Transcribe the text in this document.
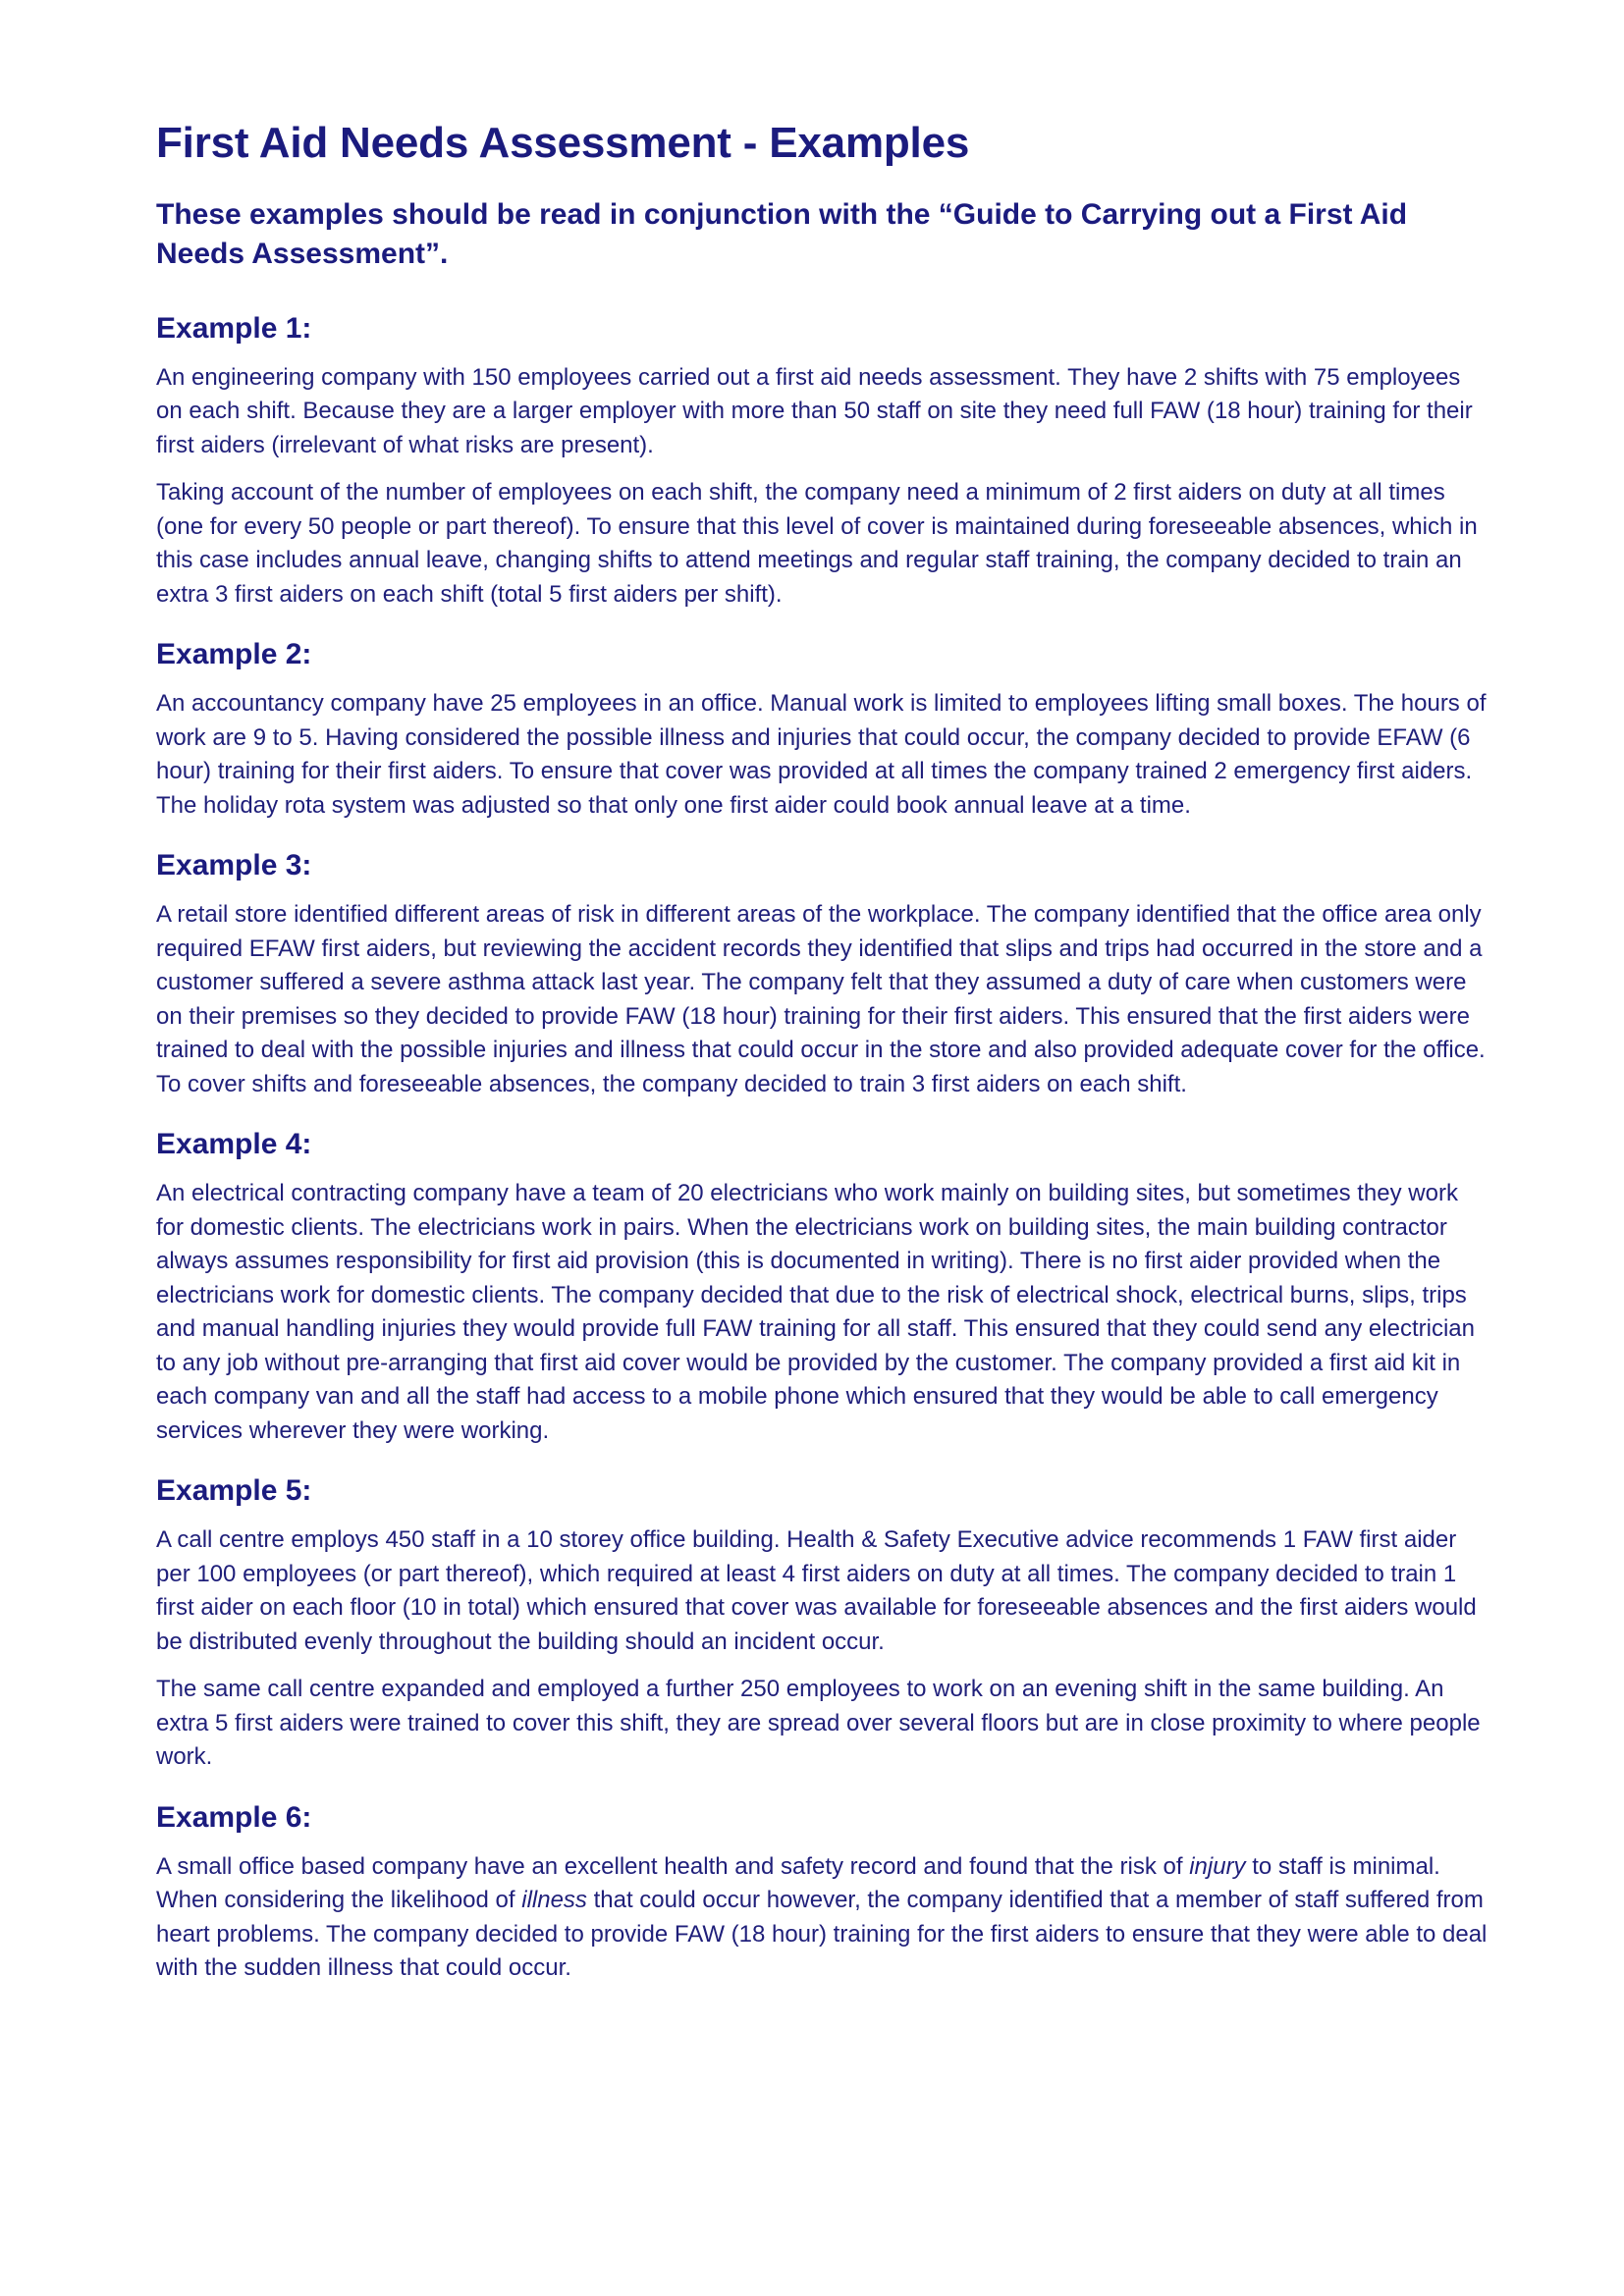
First Aid Needs Assessment - Examples
These examples should be read in conjunction with the “Guide to Carrying out a First Aid Needs Assessment”.
Example 1:

An engineering company with 150 employees carried out a first aid needs assessment. They have 2 shifts with 75 employees on each shift. Because they are a larger employer with more than 50 staff on site they need full FAW (18 hour) training for their first aiders (irrelevant of what risks are present).

Taking account of the number of employees on each shift, the company need a minimum of 2 first aiders on duty at all times (one for every 50 people or part thereof). To ensure that this level of cover is maintained during foreseeable absences, which in this case includes annual leave, changing shifts to attend meetings and regular staff training, the company decided to train an extra 3 first aiders on each shift (total 5 first aiders per shift).

Example 2:

An accountancy company have 25 employees in an office. Manual work is limited to employees lifting small boxes. The hours of work are 9 to 5. Having considered the possible illness and injuries that could occur, the company decided to provide EFAW (6 hour) training for their first aiders. To ensure that cover was provided at all times the company trained 2 emergency first aiders. The holiday rota system was adjusted so that only one first aider could book annual leave at a time.

Example 3:

A retail store identified different areas of risk in different areas of the workplace. The company identified that the office area only required EFAW first aiders, but reviewing the accident records they identified that slips and trips had occurred in the store and a customer suffered a severe asthma attack last year. The company felt that they assumed a duty of care when customers were on their premises so they decided to provide FAW (18 hour) training for their first aiders. This ensured that the first aiders were trained to deal with the possible injuries and illness that could occur in the store and also provided adequate cover for the office. To cover shifts and foreseeable absences, the company decided to train 3 first aiders on each shift.

Example 4:

An electrical contracting company have a team of 20 electricians who work mainly on building sites, but sometimes they work for domestic clients. The electricians work in pairs. When the electricians work on building sites, the main building contractor always assumes responsibility for first aid provision (this is documented in writing). There is no first aider provided when the electricians work for domestic clients. The company decided that due to the risk of electrical shock, electrical burns, slips, trips and manual handling injuries they would provide full FAW training for all staff. This ensured that they could send any electrician to any job without pre-arranging that first aid cover would be provided by the customer. The company provided a first aid kit in each company van and all the staff had access to a mobile phone which ensured that they would be able to call emergency services wherever they were working.

Example 5:

A call centre employs 450 staff in a 10 storey office building. Health & Safety Executive advice recommends 1 FAW first aider per 100 employees (or part thereof), which required at least 4 first aiders on duty at all times. The company decided to train 1 first aider on each floor (10 in total) which ensured that cover was available for foreseeable absences and the first aiders would be distributed evenly throughout the building should an incident occur.

The same call centre expanded and employed a further 250 employees to work on an evening shift in the same building. An extra 5 first aiders were trained to cover this shift, they are spread over several floors but are in close proximity to where people work.

Example 6:

A small office based company have an excellent health and safety record and found that the risk of injury to staff is minimal. When considering the likelihood of illness that could occur however, the company identified that a member of staff suffered from heart problems. The company decided to provide FAW (18 hour) training for the first aiders to ensure that they were able to deal with the sudden illness that could occur.
